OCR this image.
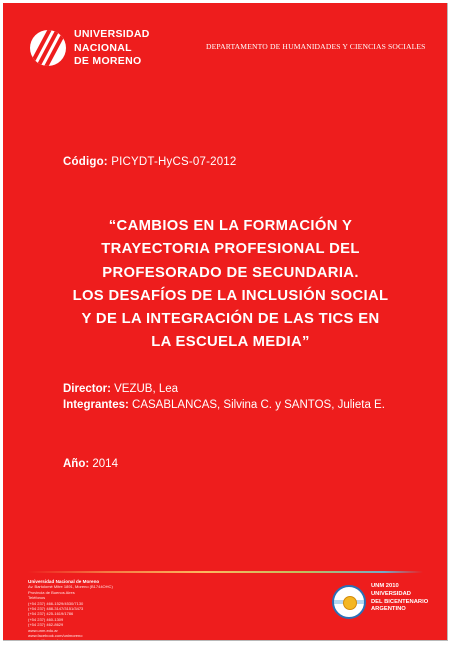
UNIVERSIDAD
NACIONAL
DE MORENO
DEPARTAMENTO DE HUMANIDADES Y CIENCIAS SOCIALES
Código: PICYDT-HyCS-07-2012
“CAMBIOS EN LA FORMACIÓN Y
TRAYECTORIA PROFESIONAL DEL
PROFESORADO DE SECUNDARIA.
LOS DESAFÍOS DE LA INCLUSIÓN SOCIAL
Y DE LA INTEGRACIÓN DE LAS TICS EN
LA ESCUELA MEDIA”
Director: VEZUB, Lea
Integrantes: CASABLANCAS, Silvina C. y SANTOS, Julieta E.
Año: 2014
Universidad Nacional de Moreno
Av. Bartolomé Mitre 1891, Moreno (B1744OHC)
Provincia de Buenos Aires
Teléfonos
(+54 237) 466-1529/4530/7130
(+54 237) 488-3147/3151/3473
(+54 237) 425-1619/1786
(+54 237) 460-1309
(+54 237) 462-8629
www.unm.edu.ar
www.facebook.com/unimoreno
www.twitter.com/unimoreno
UNM 2010
UNIVERSIDAD
DEL BICENTENARIO
ARGENTINO
